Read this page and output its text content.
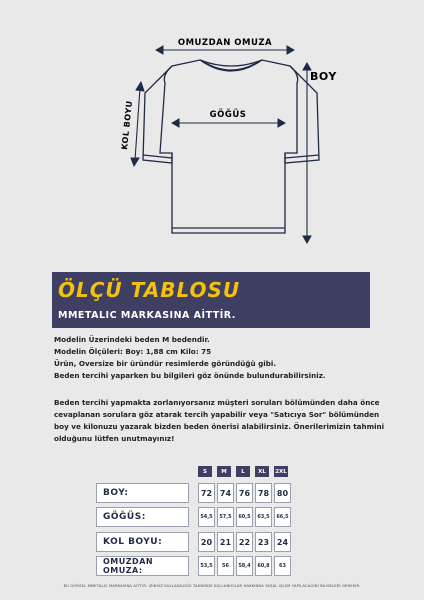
OMUZDAN OMUZA
BOY
KOL BOYU	GÖĞÜS
ÖLÇÜ TABLOSU
MMETALIC MARKASINA AİTTİR.
Modelin Üzerindeki beden M bedendir.
Modelin Ölçüleri: Boy: 1,88 cm Kilo: 75
Ürün, Oversize bir üründür resimlerde göründüğü gibi.
Beden tercihi yaparken bu bilgileri göz önünde bulundurabilirsiniz.
Beden tercihi yapmakta zorlanıyorsanız müşteri soruları bölümünden daha önce cevaplanan sorulara göz atarak tercih yapabilir veya "Satıcıya Sor" bölümünden boy ve kilonuzu yazarak bizden beden önerisi alabilirsiniz. Önerilerimizin tahmini olduğunu lütfen unutmayınız!
S	M	L	XL	2XL
BOY:	72 74 76 78 80
GÖĞÜS:	54,5	57,5	60,5	63,5	66,5
KOL BOYU:	20 21 22 23 24
OMUZDAN OMUZA:	53,5	56	58,4	60,8	63
BU GÖRSEL MMETALIC MARKASINA AİTTİR. İZİNSİZ KULLANILDIĞI TAKDİRDE KULLANICILAR HAKKINDA YASAL İŞLEM YAPILACAĞINI BİLMELERİ GEREKİR.
